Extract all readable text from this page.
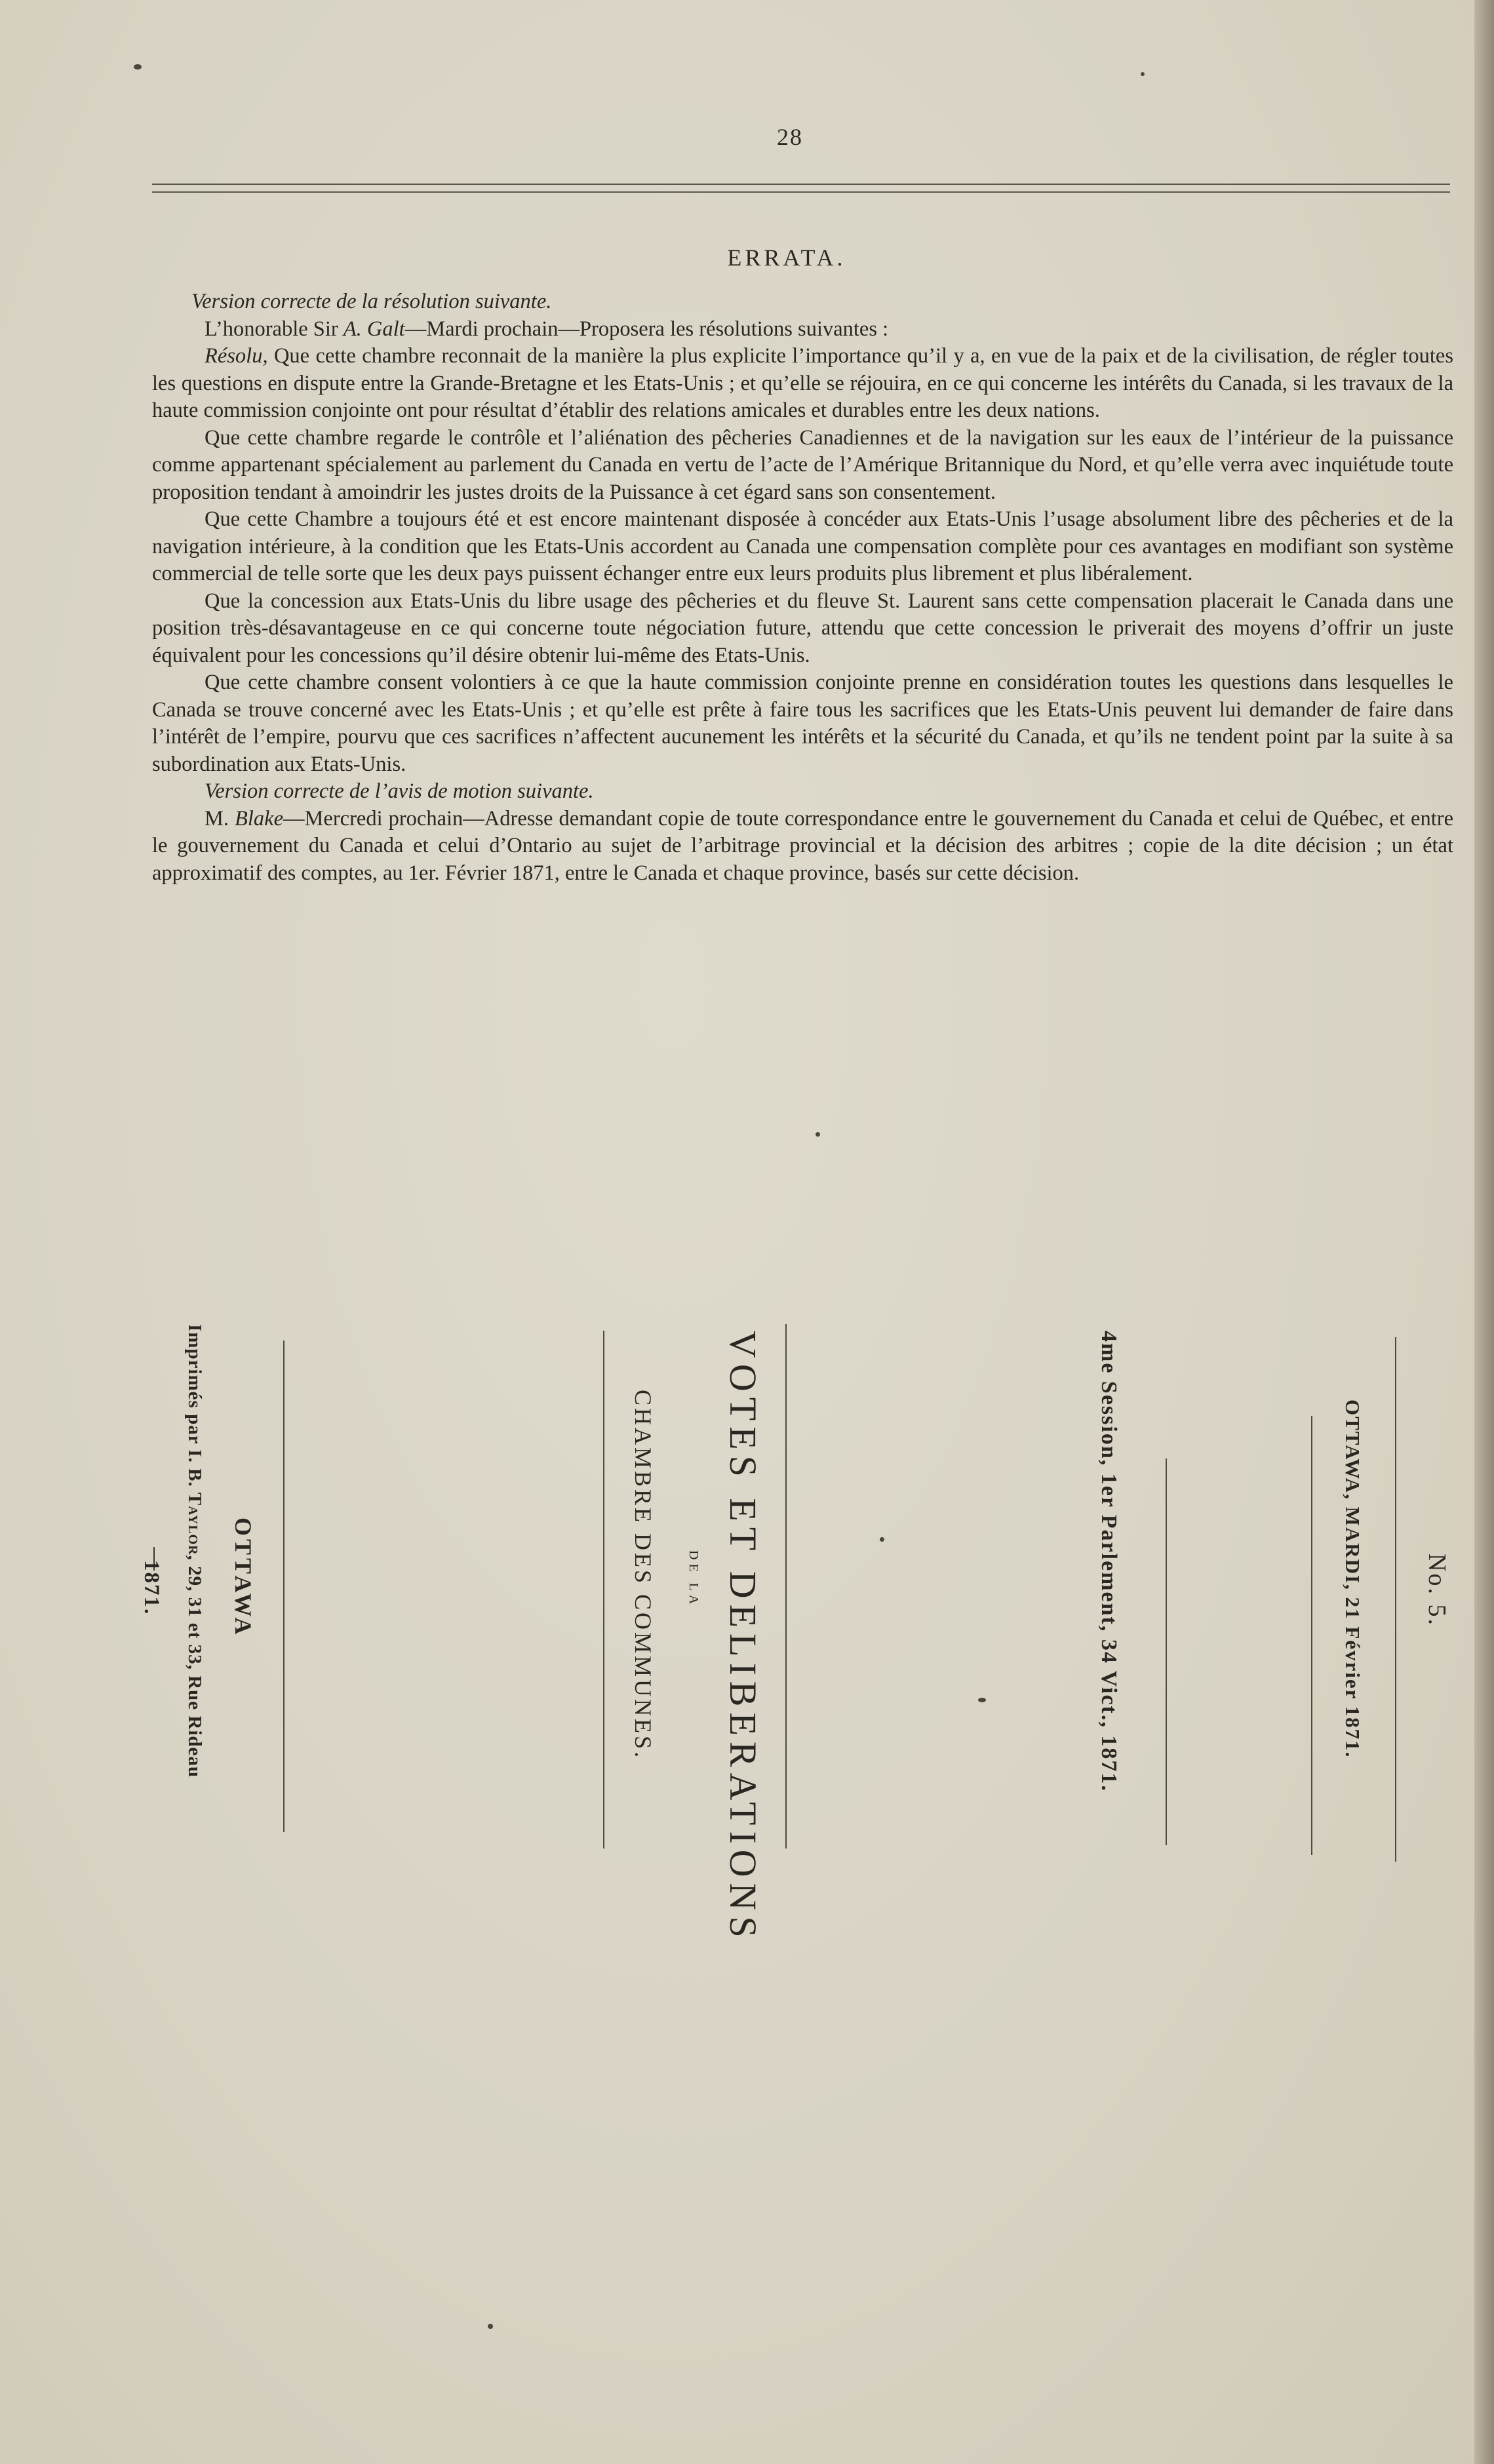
28
ERRATA.

Version correcte de la résolution suivante.

L’honorable Sir A. Galt—Mardi prochain—Proposera les résolutions suivantes :

Résolu, Que cette chambre reconnait de la manière la plus explicite l’importance qu’il y a, en vue de la paix et de la civilisation, de régler toutes les questions en dispute entre la Grande-Bretagne et les Etats-Unis ; et qu’elle se réjouira, en ce qui concerne les intérêts du Canada, si les travaux de la haute commission conjointe ont pour résultat d’établir des relations amicales et durables entre les deux nations.

Que cette chambre regarde le contrôle et l’aliénation des pêcheries Canadiennes et de la navigation sur les eaux de l’intérieur de la puissance comme appartenant spécialement au parlement du Canada en vertu de l’acte de l’Amérique Britannique du Nord, et qu’elle verra avec inquiétude toute proposition tendant à amoindrir les justes droits de la Puissance à cet égard sans son consentement.

Que cette Chambre a toujours été et est encore maintenant disposée à concéder aux Etats-Unis l’usage absolument libre des pêcheries et de la navigation intérieure, à la condition que les Etats-Unis accordent au Canada une compensation complète pour ces avantages en modifiant son système commercial de telle sorte que les deux pays puissent échanger entre eux leurs produits plus librement et plus libéralement.

Que la concession aux Etats-Unis du libre usage des pêcheries et du fleuve St. Laurent sans cette compensation placerait le Canada dans une position très-désavantageuse en ce qui concerne toute négociation future, attendu que cette concession le priverait des moyens d’offrir un juste équivalent pour les concessions qu’il désire obtenir lui-même des Etats-Unis.

Que cette chambre consent volontiers à ce que la haute commission conjointe prenne en considération toutes les questions dans lesquelles le Canada se trouve concerné avec les Etats-Unis ; et qu’elle est prête à faire tous les sacrifices que les Etats-Unis peuvent lui demander de faire dans l’intérêt de l’empire, pourvu que ces sacrifices n’affectent aucunement les intérêts et la sécurité du Canada, et qu’ils ne tendent point par la suite à sa subordination aux Etats-Unis.

Version correcte de l’avis de motion suivante.

M. Blake—Mercredi prochain—Adresse demandant copie de toute correspondance entre le gouvernement du Canada et celui de Québec, et entre le gouvernement du Canada et celui d’Ontario au sujet de l’arbitrage provincial et la décision des arbitres ; copie de la dite décision ; un état approximatif des comptes, au 1er. Février 1871, entre le Canada et chaque province, basés sur cette décision.

No. 5.
OTTAWA, MARDI, 21 Février 1871.
4me Session, 1er Parlement, 34 Vict., 1871.
VOTES ET DELIBERATIONS
DE LA
CHAMBRE DES COMMUNES.
OTTAWA
Imprimés par I. B. Taylor, 29, 31 et 33, Rue Rideau
1871.
